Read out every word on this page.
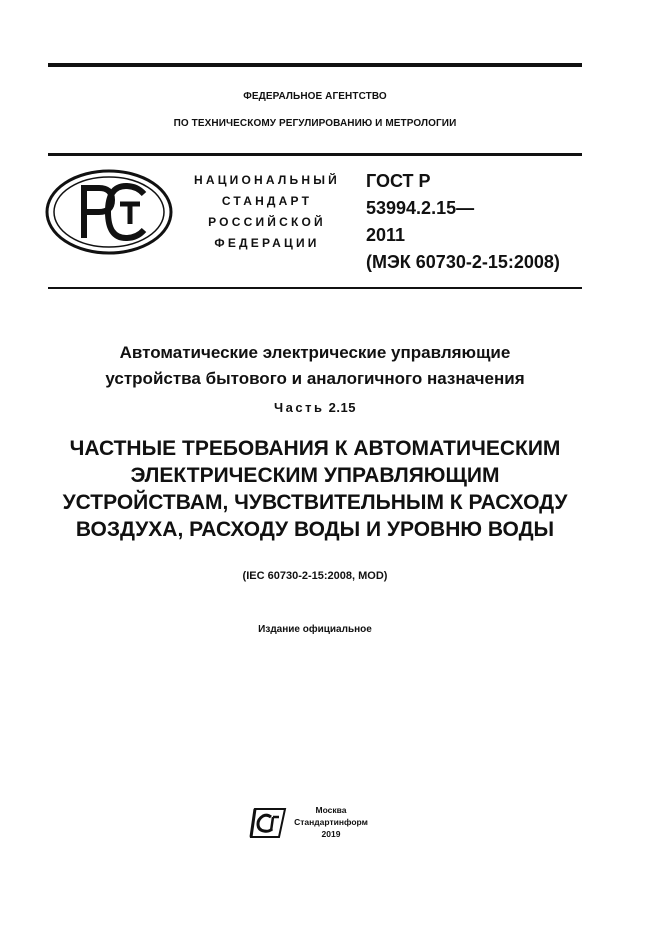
ФЕДЕРАЛЬНОЕ АГЕНТСТВО
ПО ТЕХНИЧЕСКОМУ РЕГУЛИРОВАНИЮ И МЕТРОЛОГИИ
НАЦИОНАЛЬНЫЙ
СТАНДАРТ
РОССИЙСКОЙ
ФЕДЕРАЦИИ
ГОСТ Р
53994.2.15—
2011
(МЭК 60730-2-15:2008)
Автоматические электрические управляющие
устройства бытового и аналогичного назначения
Часть 2.15
ЧАСТНЫЕ ТРЕБОВАНИЯ К АВТОМАТИЧЕСКИМ
ЭЛЕКТРИЧЕСКИМ УПРАВЛЯЮЩИМ
УСТРОЙСТВАМ, ЧУВСТВИТЕЛЬНЫМ К РАСХОДУ
ВОЗДУХА, РАСХОДУ ВОДЫ И УРОВНЮ ВОДЫ
(IEC 60730-2-15:2008, MOD)
Издание официальное
Москва
Стандартинформ
2019
